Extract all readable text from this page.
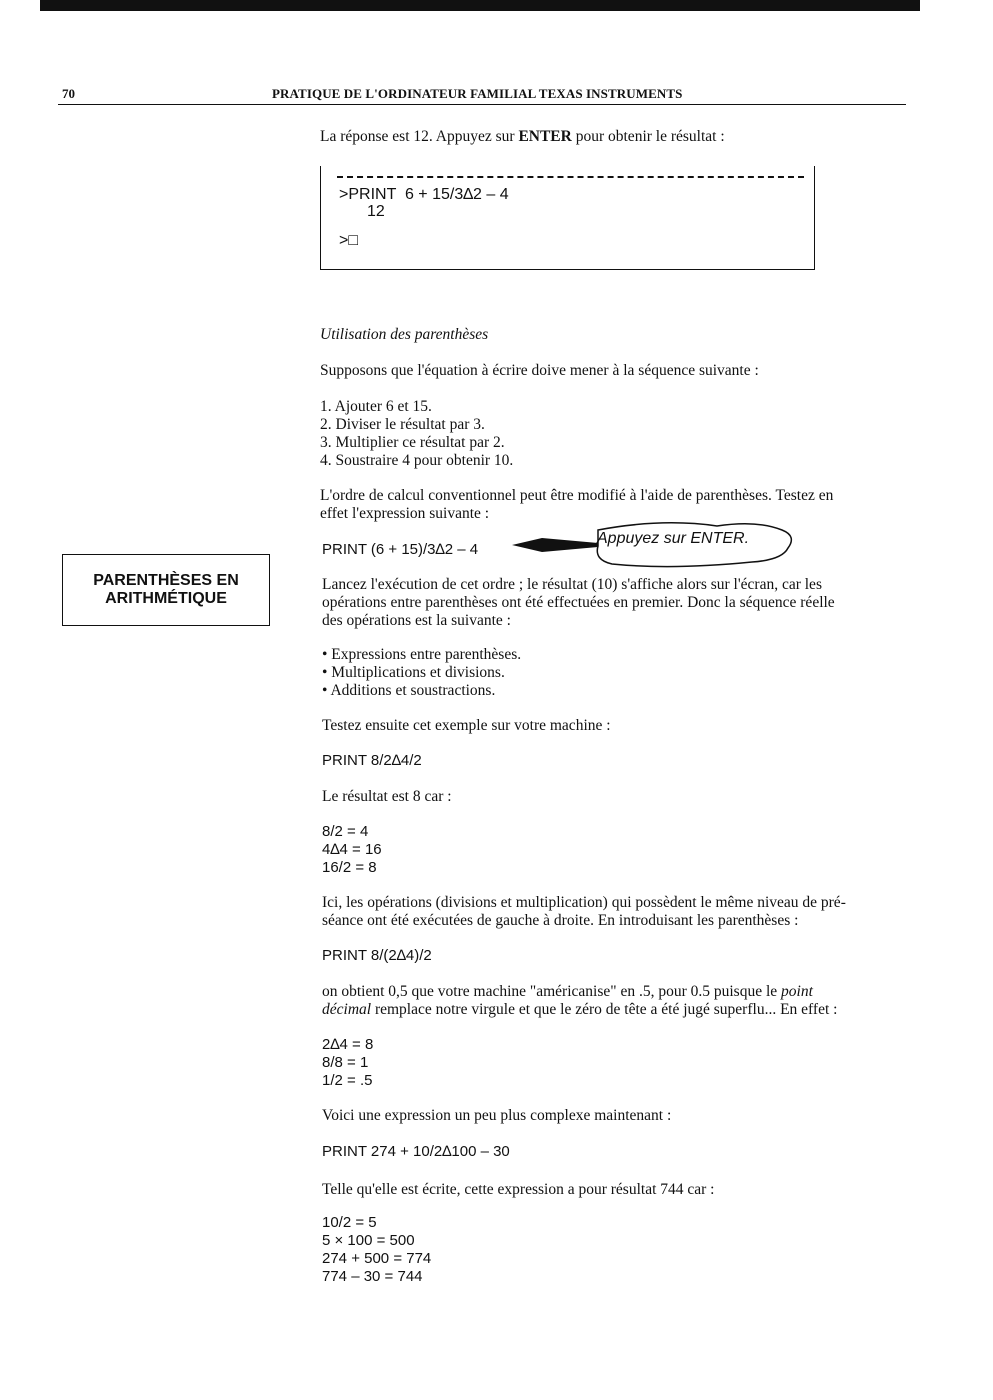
70	PRATIQUE DE L'ORDINATEUR FAMILIAL TEXAS INSTRUMENTS
La réponse est 12. Appuyez sur ENTER pour obtenir le résultat :
>PRINT  6 + 15/3∆2 – 4
12
>□
Utilisation des parenthèses
Supposons que l'équation à écrire doive mener à la séquence suivante :
1. Ajouter 6 et 15.
2. Diviser le résultat par 3.
3. Multiplier ce résultat par 2.
4. Soustraire 4 pour obtenir 10.
L'ordre de calcul conventionnel peut être modifié à l'aide de parenthèses. Testez en
effet l'expression suivante :
PRINT (6 + 15)/3∆2 – 4
Appuyez sur ENTER.
PARENTHÈSES EN
ARITHMÉTIQUE
Lancez l'exécution de cet ordre ; le résultat (10) s'affiche alors sur l'écran, car les
opérations entre parenthèses ont été effectuées en premier. Donc la séquence réelle
des opérations est la suivante :
• Expressions entre parenthèses.
• Multiplications et divisions.
• Additions et soustractions.
Testez ensuite cet exemple sur votre machine :
PRINT 8/2∆4/2
Le résultat est 8 car :
8/2 = 4
4∆4 = 16
16/2 = 8
Ici, les opérations (divisions et multiplication) qui possèdent le même niveau de pré-
séance ont été exécutées de gauche à droite. En introduisant les parenthèses :
PRINT 8/(2∆4)/2
on obtient 0,5 que votre machine "américanise" en .5, pour 0.5 puisque le point
décimal remplace notre virgule et que le zéro de tête a été jugé superflu... En effet :
2∆4 = 8
8/8 = 1
1/2 = .5
Voici une expression un peu plus complexe maintenant :
PRINT 274 + 10/2∆100 – 30
Telle qu'elle est écrite, cette expression a pour résultat 744 car :
10/2 = 5
5 × 100 = 500
274 + 500 = 774
774 – 30 = 744
